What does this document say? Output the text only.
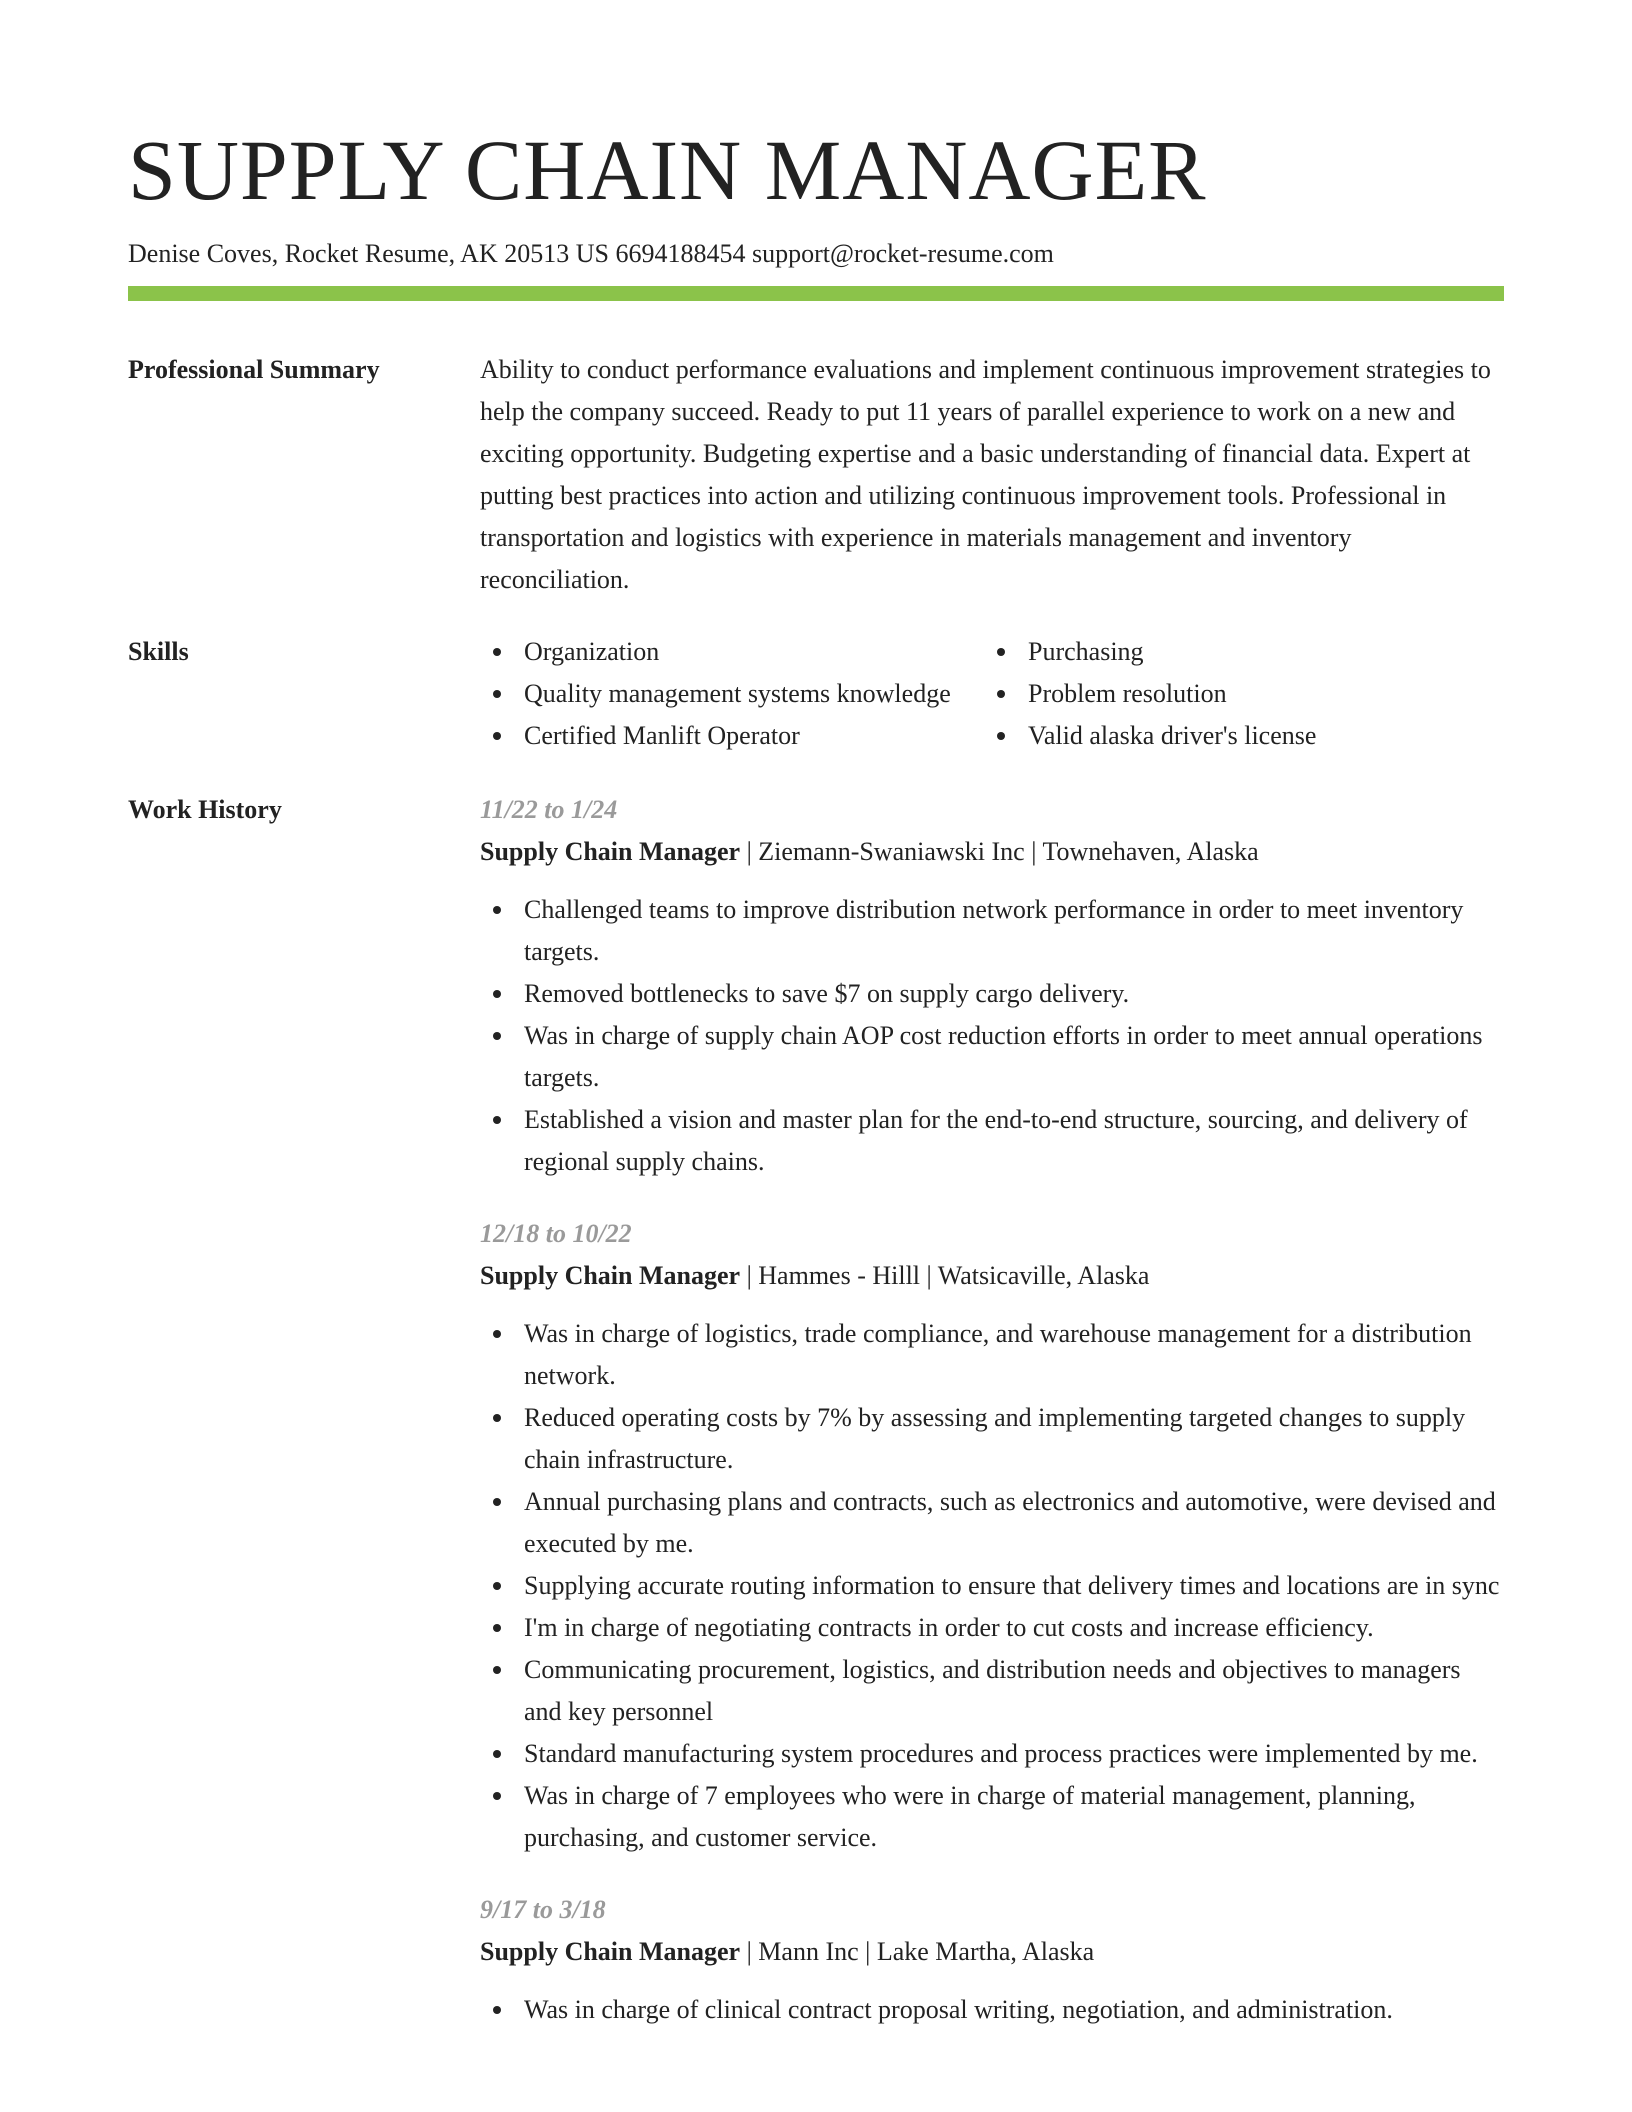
SUPPLY CHAIN MANAGER
Denise Coves, Rocket Resume, AK 20513 US 6694188454 support@rocket-resume.com
Professional Summary	Ability to conduct performance evaluations and implement continuous improvement strategies to help the company succeed. Ready to put 11 years of parallel experience to work on a new and exciting opportunity. Budgeting expertise and a basic understanding of financial data. Expert at putting best practices into action and utilizing continuous improvement tools. Professional in transportation and logistics with experience in materials management and inventory reconciliation.

Skills	Organization
Quality management systems knowledge
Certified Manlift Operator
Purchasing
Problem resolution
Valid alaska driver's license
Work History	11/22 to 1/24
Supply Chain Manager | Ziemann-Swaniawski Inc | Townehaven, Alaska
Challenged teams to improve distribution network performance in order to meet inventory targets.
Removed bottlenecks to save $7 on supply cargo delivery.
Was in charge of supply chain AOP cost reduction efforts in order to meet annual operations targets.
Established a vision and master plan for the end-to-end structure, sourcing, and delivery of regional supply chains.
12/18 to 10/22
Supply Chain Manager | Hammes - Hilll | Watsicaville, Alaska
Was in charge of logistics, trade compliance, and warehouse management for a distribution network.
Reduced operating costs by 7% by assessing and implementing targeted changes to supply chain infrastructure.
Annual purchasing plans and contracts, such as electronics and automotive, were devised and executed by me.
Supplying accurate routing information to ensure that delivery times and locations are in sync
I'm in charge of negotiating contracts in order to cut costs and increase efficiency.
Communicating procurement, logistics, and distribution needs and objectives to managers and key personnel
Standard manufacturing system procedures and process practices were implemented by me.
Was in charge of 7 employees who were in charge of material management, planning, purchasing, and customer service.
9/17 to 3/18
Supply Chain Manager | Mann Inc | Lake Martha, Alaska
Was in charge of clinical contract proposal writing, negotiation, and administration.
